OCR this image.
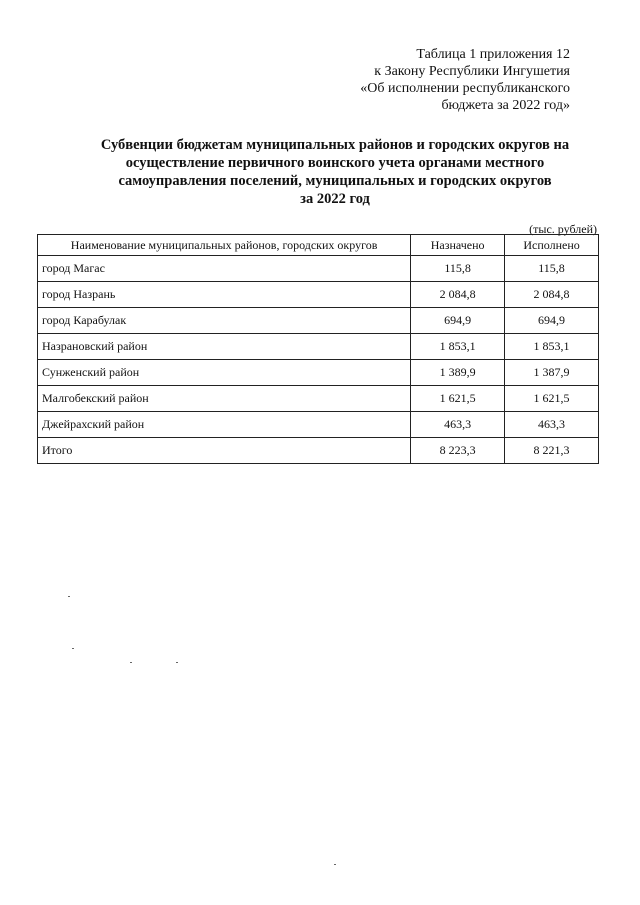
Таблица 1 приложения 12
к Закону Республики Ингушетия
«Об исполнении республиканского
бюджета за 2022 год»
Субвенции бюджетам муниципальных районов и городских округов на
осуществление первичного воинского учета органами местного
самоуправления поселений, муниципальных и городских округов
за 2022 год
(тыс. рублей)
Наименование муниципальных районов, городских округов	Назначено	Исполнено
город Магас	115,8	115,8
город Назрань	2 084,8	2 084,8
город Карабулак	694,9	694,9
Назрановский район	1 853,1	1 853,1
Сунженский район	1 389,9	1 387,9
Малгобекский район	1 621,5	1 621,5
Джейрахский район	463,3	463,3
Итого	8 223,3	8 221,3
